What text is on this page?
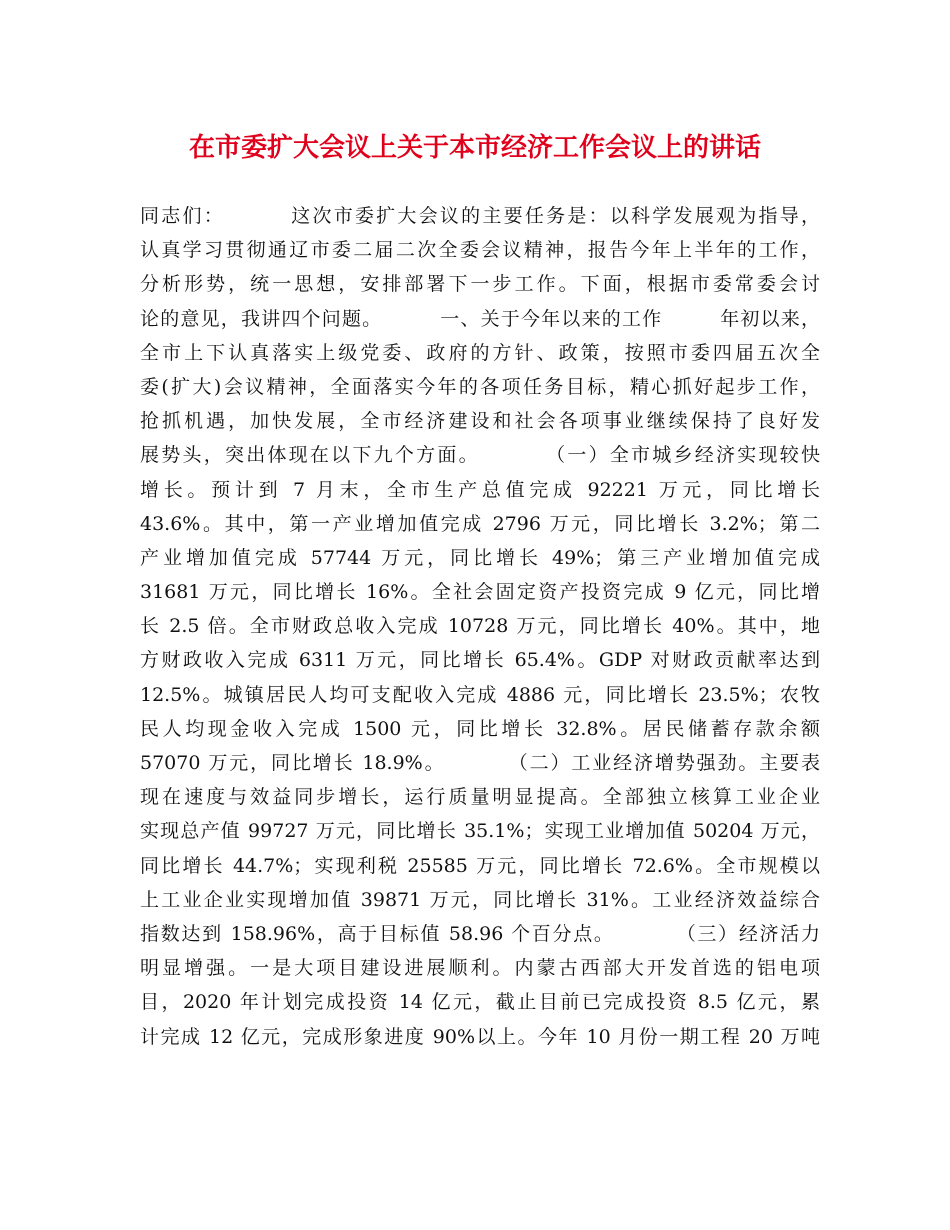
在市委扩大会议上关于本市经济工作会议上的讲话
同志们：        这次市委扩大会议的主要任务是：以科学发展观为指导，
认真学习贯彻通辽市委二届二次全委会议精神，报告今年上半年的工作，
分析形势，统一思想，安排部署下一步工作。下面，根据市委常委会讨
论的意见，我讲四个问题。        一、关于今年以来的工作        年初以来，
全市上下认真落实上级党委、政府的方针、政策，按照市委四届五次全
委(扩大)会议精神，全面落实今年的各项任务目标，精心抓好起步工作，
抢抓机遇，加快发展，全市经济建设和社会各项事业继续保持了良好发
展势头，突出体现在以下九个方面。        （一）全市城乡经济实现较快
增长。预计到 7 月末，全市生产总值完成 92221 万元，同比增长
43.6%。其中，第一产业增加值完成 2796 万元，同比增长 3.2%；第二
产业增加值完成 57744 万元，同比增长 49%；第三产业增加值完成
31681 万元，同比增长 16%。全社会固定资产投资完成 9 亿元，同比增
长 2.5 倍。全市财政总收入完成 10728 万元，同比增长 40%。其中，地
方财政收入完成 6311 万元，同比增长 65.4%。GDP 对财政贡献率达到
12.5%。城镇居民人均可支配收入完成 4886 元，同比增长 23.5%；农牧
民人均现金收入完成 1500 元，同比增长 32.8%。居民储蓄存款余额
57070 万元，同比增长 18.9%。        （二）工业经济增势强劲。主要表
现在速度与效益同步增长，运行质量明显提高。全部独立核算工业企业
实现总产值 99727 万元，同比增长 35.1%；实现工业增加值 50204 万元，
同比增长 44.7%；实现利税 25585 万元，同比增长 72.6%。全市规模以
上工业企业实现增加值 39871 万元，同比增长 31%。工业经济效益综合
指数达到 158.96%，高于目标值 58.96 个百分点。        （三）经济活力
明显增强。一是大项目建设进展顺利。内蒙古西部大开发首选的铝电项
目，2020 年计划完成投资 14 亿元，截止目前已完成投资 8.5 亿元，累
计完成 12 亿元，完成形象进度 90%以上。今年 10 月份一期工程 20 万吨
